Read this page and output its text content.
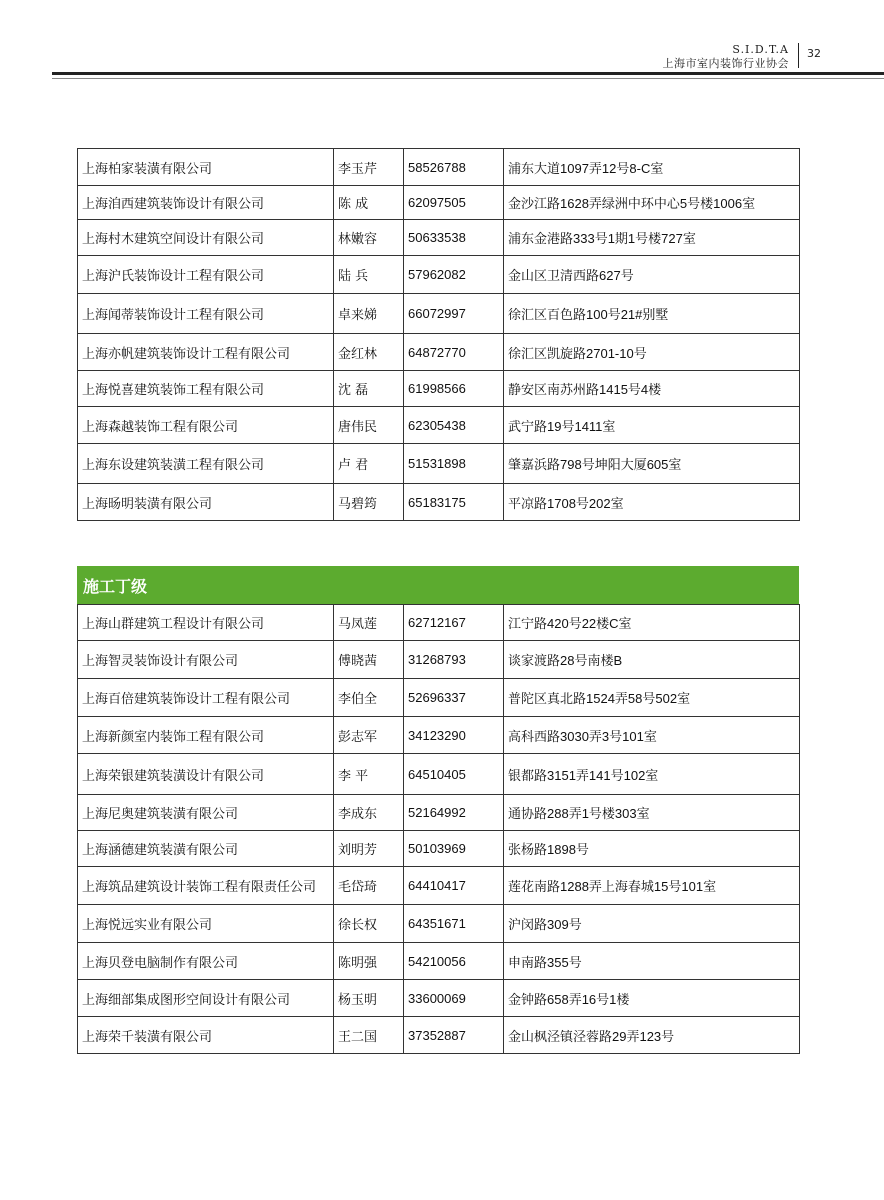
S.I.D.T.A
上海市室内装饰行业协会
32
上海柏家装潢有限公司	李玉芹	58526788	浦东大道1097弄12号8-C室
上海洎西建筑装饰设计有限公司	陈 成	62097505	金沙江路1628弄绿洲中环中心5号楼1006室
上海村木建筑空间设计有限公司	林嫩容	50633538	浦东金港路333号1期1号楼727室
上海沪氏装饰设计工程有限公司	陆 兵	57962082	金山区卫清西路627号
上海闻蒂装饰设计工程有限公司	卓来娣	66072997	徐汇区百色路100号21#别墅
上海亦帆建筑装饰设计工程有限公司	金红林	64872770	徐汇区凯旋路2701-10号
上海悦喜建筑装饰工程有限公司	沈 磊	61998566	静安区南苏州路1415号4楼
上海森越装饰工程有限公司	唐伟民	62305438	武宁路19号1411室
上海东设建筑装潢工程有限公司	卢 君	51531898	肇嘉浜路798号坤阳大厦605室
上海旸明装潢有限公司	马碧筠	65183175	平凉路1708号202室
施工丁级
上海山群建筑工程设计有限公司	马凤莲	62712167	江宁路420号22楼C室
上海智灵装饰设计有限公司	傅晓茜	31268793	谈家渡路28号南楼B
上海百倍建筑装饰设计工程有限公司	李伯全	52696337	普陀区真北路1524弄58号502室
上海新颜室内装饰工程有限公司	彭志军	34123290	高科西路3030弄3号101室
上海荣银建筑装潢设计有限公司	李 平	64510405	银都路3151弄141号102室
上海尼奥建筑装潢有限公司	李成东	52164992	通协路288弄1号楼303室
上海涵德建筑装潢有限公司	刘明芳	50103969	张杨路1898号
上海筑品建筑设计装饰工程有限责任公司	毛岱琦	64410417	莲花南路1288弄上海春城15号101室
上海悦远实业有限公司	徐长权	64351671	沪闵路309号
上海贝登电脑制作有限公司	陈明强	54210056	申南路355号
上海细部集成图形空间设计有限公司	杨玉明	33600069	金钟路658弄16号1楼
上海荣千装潢有限公司	王二国	37352887	金山枫泾镇泾蓉路29弄123号
